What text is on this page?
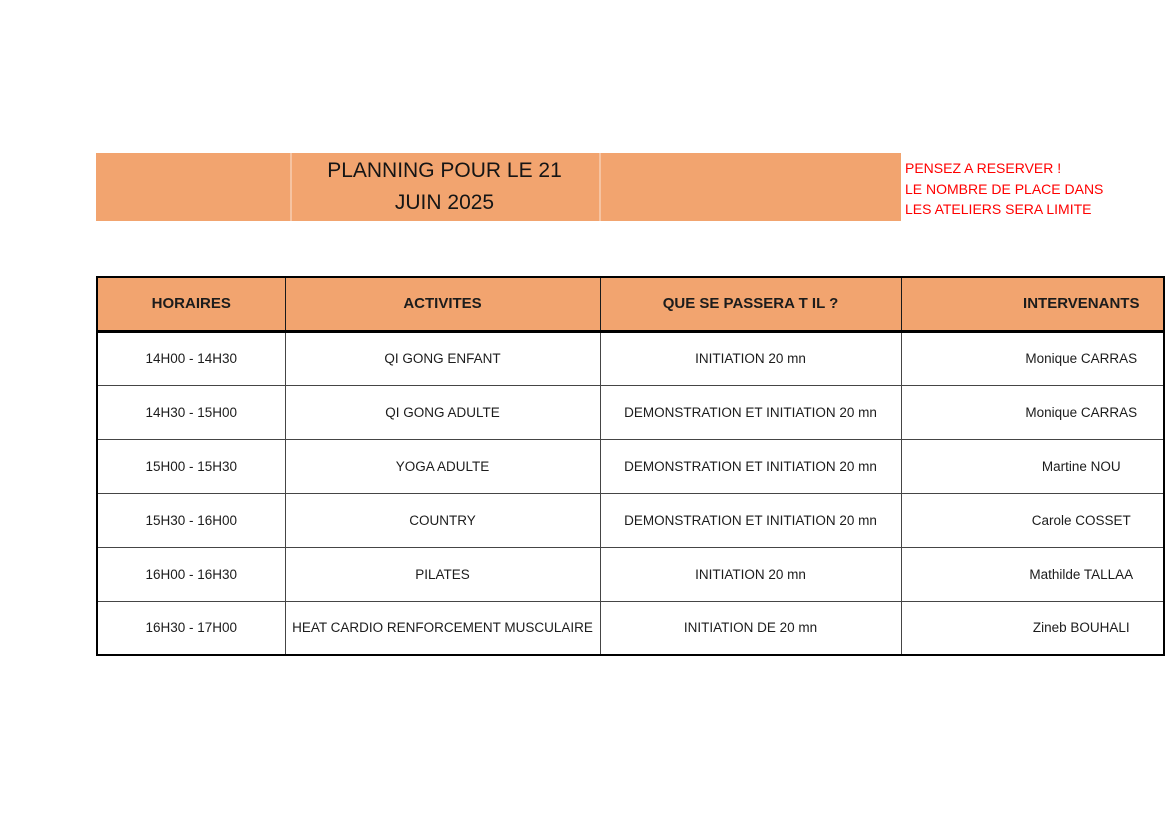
PLANNING POUR LE 21
JUIN 2025
PENSEZ A RESERVER !
LE NOMBRE DE PLACE DANS
LES ATELIERS SERA LIMITE
HORAIRES	ACTIVITES	QUE SE PASSERA T IL ?	INTERVENANTS
14H00 - 14H30	QI GONG ENFANT	INITIATION 20 mn	Monique CARRAS
14H30 - 15H00	QI GONG ADULTE	DEMONSTRATION ET INITIATION 20 mn	Monique CARRAS
15H00 - 15H30	YOGA ADULTE	DEMONSTRATION ET INITIATION 20 mn	Martine NOU
15H30 - 16H00	COUNTRY	DEMONSTRATION ET INITIATION 20 mn	Carole COSSET
16H00 - 16H30	PILATES	INITIATION 20 mn	Mathilde TALLAA
16H30 - 17H00	HEAT CARDIO RENFORCEMENT MUSCULAIRE	INITIATION DE 20 mn	Zineb BOUHALI
